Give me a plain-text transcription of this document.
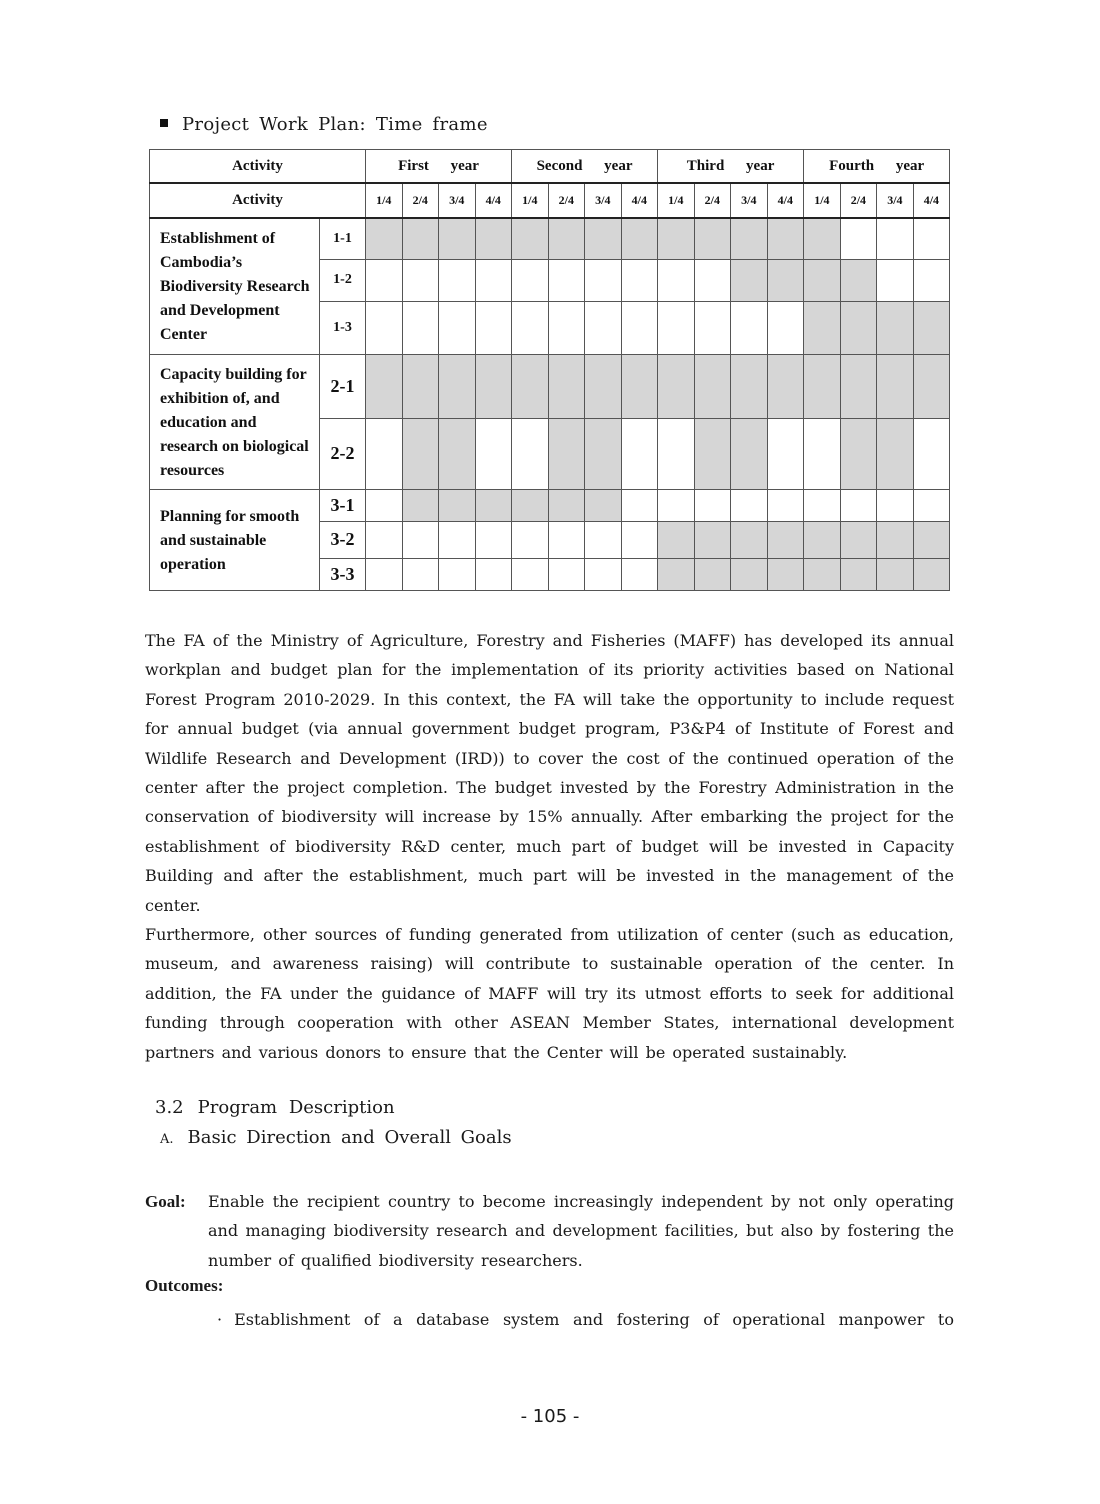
Project Work Plan: Time frame
Activity		First year				Second year				Third year				Fourth year			
Activity		1/4	2/4	3/4	4/4	1/4	2/4	3/4	4/4	1/4	2/4	3/4	4/4	1/4	2/4	3/4	4/4
Establishment of Cambodia’s Biodiversity Research and Development Center	1-1																
	1-2																
	1-3																
Capacity building for exhibition of, and education and research on biological resources	2-1																
	2-2																
Planning for smooth and sustainable operation	3-1																
	3-2																
	3-3																

The FA of the Ministry of Agriculture, Forestry and Fisheries (MAFF) has developed its annual workplan and budget plan for the implementation of its priority activities based on National Forest Program 2010-2029. In this context, the FA will take the opportunity to include request for annual budget (via annual government budget program, P3&P4 of Institute of Forest and Wildlife Research and Development (IRD)) to cover the cost of the continued operation of the center after the project completion. The budget invested by the Forestry Administration in the conservation of biodiversity will increase by 15% annually. After embarking the project for the establishment of biodiversity R&D center, much part of budget will be invested in Capacity Building and after the establishment, much part will be invested in the management of the center.

Furthermore, other sources of funding generated from utilization of center (such as education, museum, and awareness raising) will contribute to sustainable operation of the center. In addition, the FA under the guidance of MAFF will try its utmost efforts to seek for additional funding through cooperation with other ASEAN Member States, international development partners and various donors to ensure that the Center will be operated sustainably.

3.2 Program Description
A. Basic Direction and Overall Goals
Goal: Enable the recipient country to become increasingly independent by not only operating and managing biodiversity research and development facilities, but also by fostering the number of qualified biodiversity researchers.
Outcomes:
· Establishment of a database system and fostering of operational manpower to
- 105 -
